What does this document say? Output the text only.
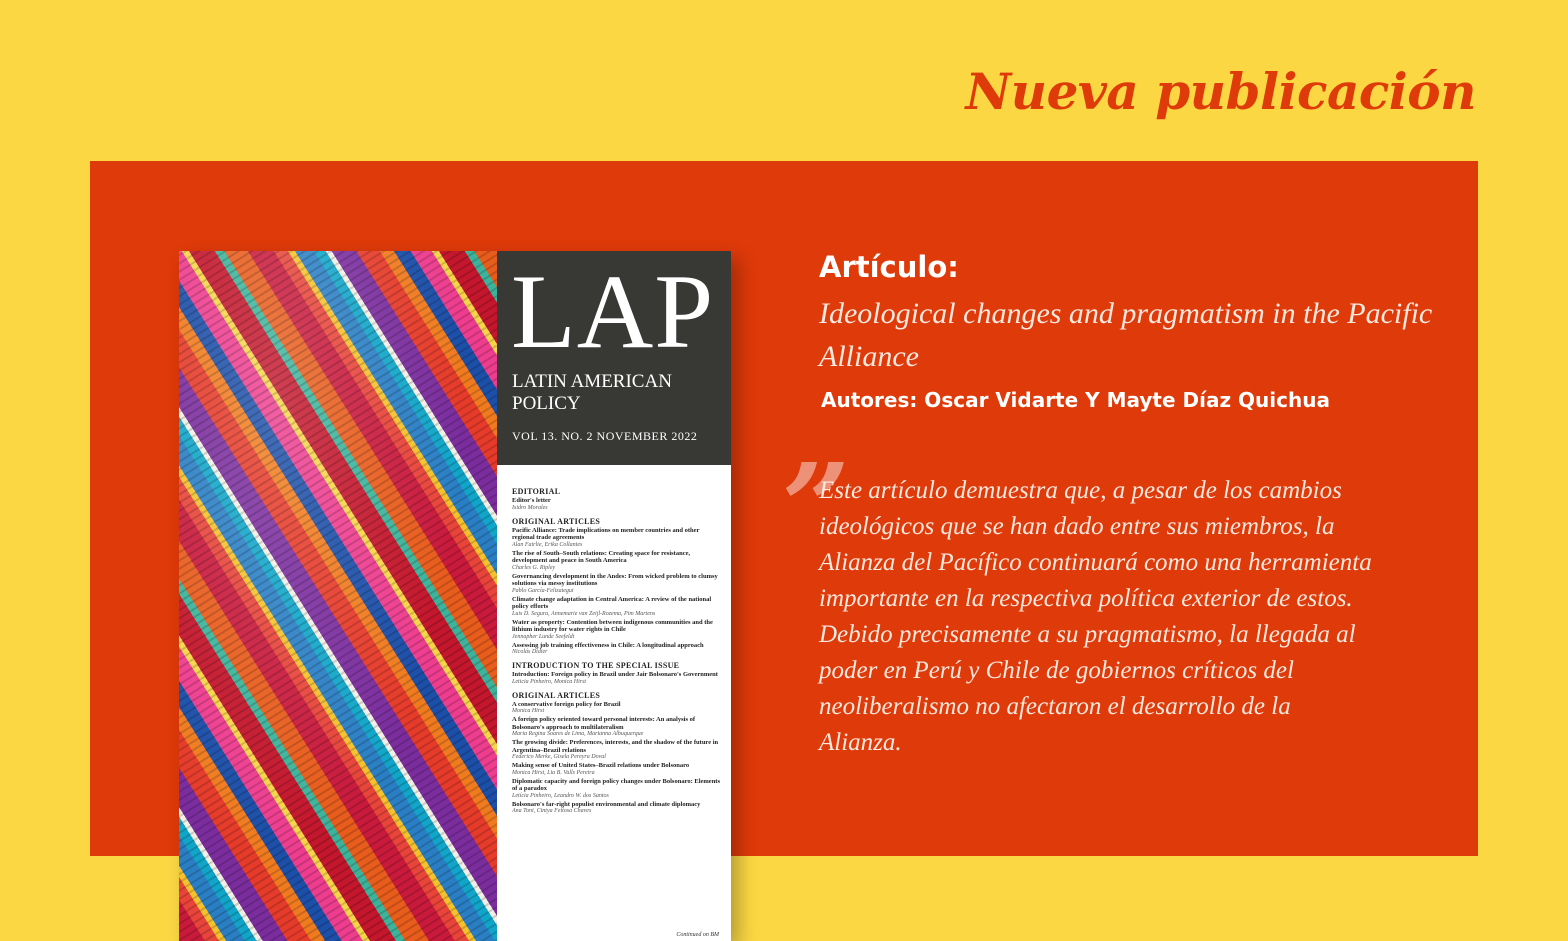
Nueva publicación
LAP
LATIN AMERICAN POLICY
VOL 13. NO. 2 NOVEMBER 2022
EDITORIAL
Editor's letter
Isidro Morales
ORIGINAL ARTICLES
Pacific Alliance: Trade implications on member countries and other regional trade agreements
Alan Fairlie, Erika Collantes
The rise of South–South relations: Creating space for resistance, development and peace in South America
Charles G. Ripley
Governancing development in the Andes: From wicked problem to clumsy solutions via messy institutions
Pablo García-Felizategui
Climate change adaptation in Central America: A review of the national policy efforts
Luis D. Segura, Annemarie van Zeijl-Rozema, Pim Martens
Water as property: Contention between indigenous communities and the lithium industry for water rights in Chile
Jennapher Lunde Seefeldt
Assessing job training effectiveness in Chile: A longitudinal approach
Nicolás Didier
INTRODUCTION TO THE SPECIAL ISSUE
Introduction: Foreign policy in Brazil under Jair Bolsonaro's Government
Leticia Pinheiro, Monica Hirst
ORIGINAL ARTICLES
A conservative foreign policy for Brazil
Monica Hirst
A foreign policy oriented toward personal interests: An analysis of Bolsonaro's approach to multilateralism
Maria Regina Soares de Lima, Marianna Albuquerque
The growing divide: Preferences, interests, and the shadow of the future in Argentina–Brazil relations
Federico Merke, Gisela Pereyra Doval
Making sense of United States–Brazil relations under Bolsonaro
Monica Hirst, Lia B. Valls Pereira
Diplomatic capacity and foreign policy changes under Bolsonaro: Elements of a paradox
Letícia Pinheiro, Leandro W. dos Santos
Bolsonaro's far-right populist environmental and climate diplomacy
Ana Toni, Cintya Feitosa Chaves
Continued on BM
Artículo:
Ideological changes and pragmatism in the Pacific Alliance
Autores: Oscar Vidarte Y Mayte Díaz Quichua
”
Este artículo demuestra que, a pesar de los cambios ideológicos que se han dado entre sus miembros, la Alianza del Pacífico continuará como una herramienta importante en la respectiva política exterior de estos. Debido precisamente a su pragmatismo, la llegada al poder en Perú y Chile de gobiernos críticos del neoliberalismo no afectaron el desarrollo de la Alianza.
